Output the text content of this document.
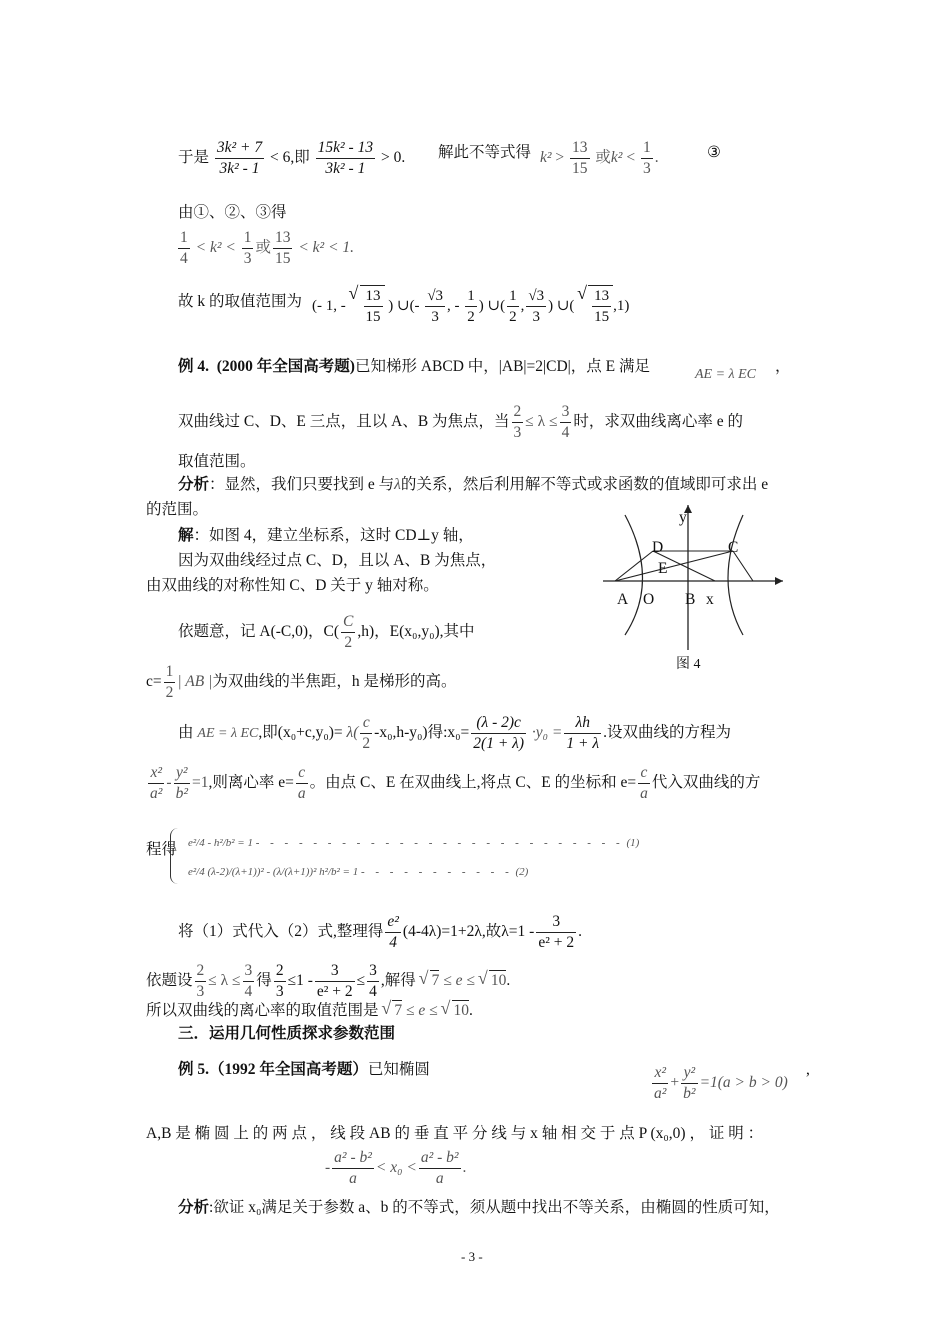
于是 $\frac{\text{3k² + 7}}{\text{3k² - 1}} < 6$,即 $\frac{\text{15k² - 13}}{\text{3k² - 1}} > 0$. 解此不等式得 $k^2 > \frac{13}{15}$ 或$k^2 < \frac{1}{3}$ .	③
由①、②、③得
$\frac{1}{4} < k^2 < \frac{1}{3}$ 或 $\frac{13}{15} < k^2 < 1$.
故 k 的取值范围为 (- 1, - √ $\frac{13}{15}$ ) ∪(- $\frac{√3}{3}$ , - $\frac{1}{2}$ ) ∪( $\frac{1}{2}$ , $\frac{√3}{3}$ ) ∪( √ $\frac{13}{15} ,1$)
例 4. (2000 年全国高考题)已知梯形 ABCD 中，|AB|=2|CD|，点 E 满足	AE = λ EC ，
双曲线过 C、D、E 三点，且以 A、B 为焦点，当 $\frac{2}{3} \le \lambda \le \frac{3}{4}$ 时，求双曲线离心率 e 的
取值范围。
分析：显然，我们只要找到 e 与λ的关系，然后利用解不等式或求函数的值域即可求出 e
的范围。
解：如图 4，建立坐标系，这时 CD⊥y 轴，
因为双曲线经过点 C、D，且以 A、B 为焦点，
由双曲线的对称性知 C、D 关于 y 轴对称。
依题意，记 A(-C,0)，$C( \frac{C}{2} ,h)$，E(x₀,y₀),其中
$c= \frac{1}{2}$ | AB |为双曲线的半焦距，h 是梯形的高。
y
D	C
E
A O B x
图 4
由 AE = λ EC,即$(x_0+c,y_0)= \lambda( \frac{c}{2} -x_0,h-y_0)$得:x₀= $\frac{(\lambda - 2)c}{2(1 + \lambda)} \cdot y_0 = \frac{\lambda h}{1 + \lambda}$ .设双曲线的方程为
$\frac{\text{x²}}{\text{a²}} - \frac{\text{y²}}{\text{b²}} =1$,则离心率 $e= \frac{c}{a}$ 。由点 C、E 在双曲线上,将点 C、E 的坐标和 $e= \frac{c}{a}$ 代入双曲线的方
程得 e²/4 - h²/b² = 1 - - - - - - - - - - - - - - - - - - - - - - - - - - (1)
e²/4 (λ-2)/(λ+1))² - (λ/(λ+1))² h²/b² = 1 - - - - - - - - - - - (2)
将（1）式代入（2）式,整理得 $\frac{\text{e²}}{4} (4-4\lambda)=1+2\lambda$,故$\lambda=1 - \frac{3}{\text{e² + 2}}$ .
依题设 $\frac{2}{3} \le \lambda \le \frac{3}{4}$ 得 $\frac{2}{3} \le 1 - \frac{3}{\text{e² + 2}} \le \frac{3}{4}$ ,解得 √ 7 ≤ e ≤ √ 10.
所以双曲线的离心率的取值范围是 √ 7 ≤ e ≤ √ 10.
三．运用几何性质探求参数范围
例 5.（1992 年全国高考题）已知椭圆	$\frac{\text{x²}}{\text{a²}} + \frac{\text{y²}}{\text{b²}} =1(a > b > 0)$
,
A,B 是 椭 圆 上 的 两 点 ， 线 段 AB 的 垂 直 平 分 线 与 x 轴 相 交 于 点 P (x₀,0) ， 证 明 ：
- $\frac{\text{a² - b²}}{a} < x_0 < \frac{\text{a² - b²}}{a}$ .
分析:欲证 x₀满足关于参数 a、b 的不等式，须从题中找出不等关系，由椭圆的性质可知，
- 3 -
